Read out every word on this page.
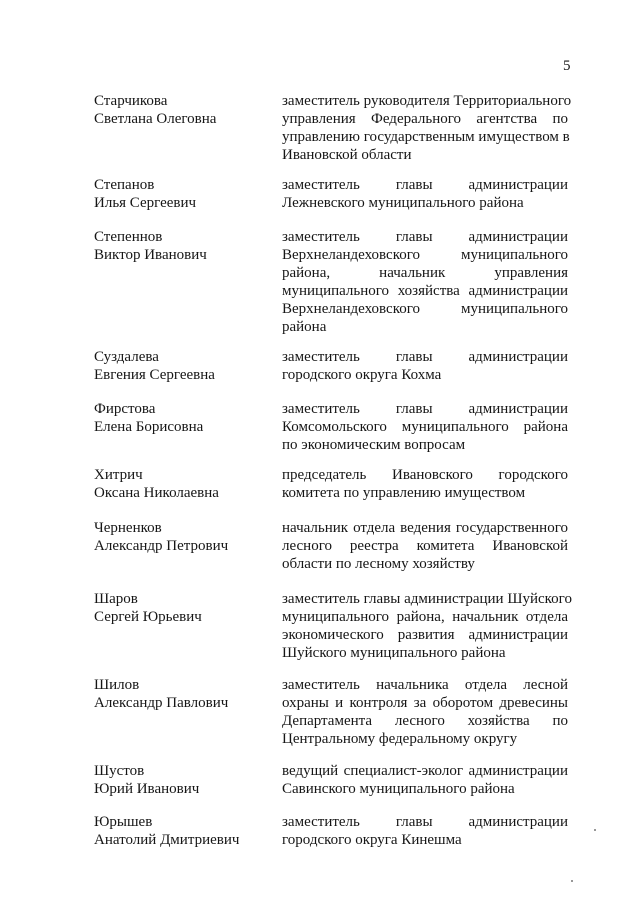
5
Старчикова
Светлана Олеговна
заместитель руководителя Территориального
управления Федерального агентства по
управлению государственным имуществом в
Ивановской области
Степанов
Илья Сергеевич
заместитель главы администрации
Лежневского муниципального района
Степеннов
Виктор Иванович
заместитель главы администрации
Верхнеландеховского муниципального
района, начальник управления
муниципального хозяйства администрации
Верхнеландеховского муниципального
района
Суздалева
Евгения Сергеевна
заместитель главы администрации
городского округа Кохма
Фирстова
Елена Борисовна
заместитель главы администрации
Комсомольского муниципального района
по экономическим вопросам
Хитрич
Оксана Николаевна
председатель Ивановского городского
комитета по управлению имуществом
Черненков
Александр Петрович
начальник отдела ведения государственного
лесного реестра комитета Ивановской
области по лесному хозяйству
Шаров
Сергей Юрьевич
заместитель главы администрации Шуйского
муниципального района, начальник отдела
экономического развития администрации
Шуйского муниципального района
Шилов
Александр Павлович
заместитель начальника отдела лесной
охраны и контроля за оборотом древесины
Департамента лесного хозяйства по
Центральному федеральному округу
Шустов
Юрий Иванович
ведущий специалист-эколог администрации
Савинского муниципального района
Юрышев
Анатолий Дмитриевич
заместитель главы администрации
городского округа Кинешма
